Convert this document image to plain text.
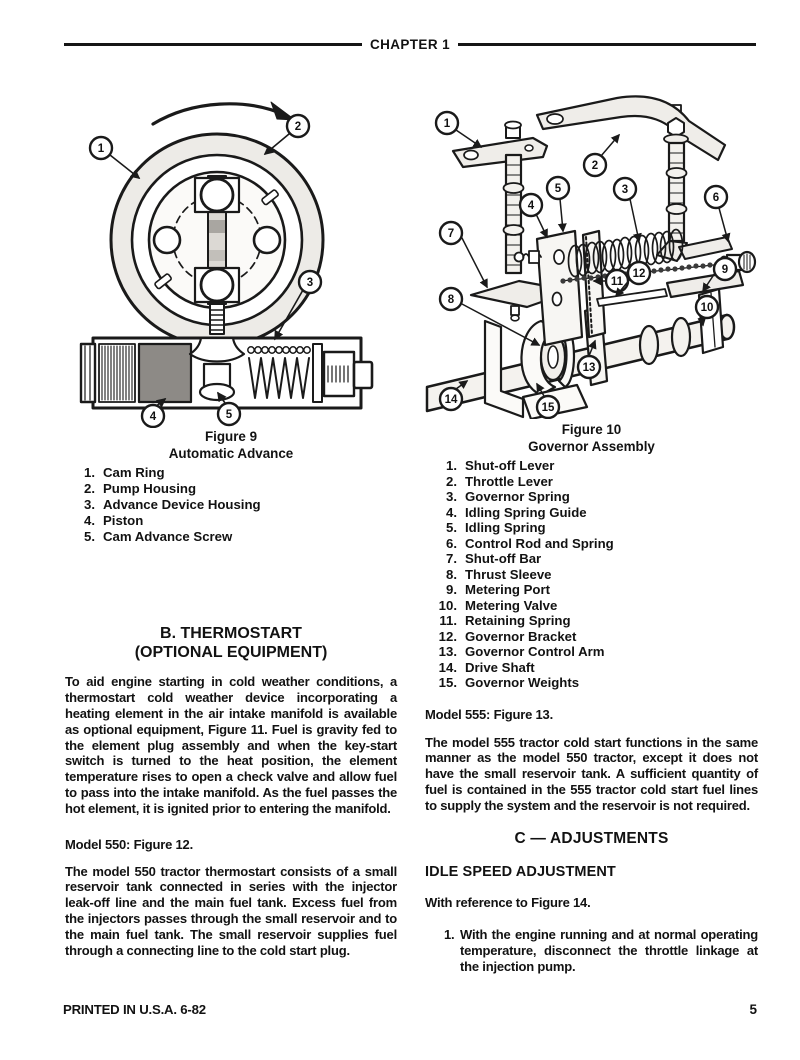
CHAPTER 1
1
2
3
4	5
Figure 9
Automatic Advance
1. Cam Ring
2. Pump Housing
3. Advance Device Housing
4. Piston
5. Cam Advance Screw
B. THERMOSTART
(OPTIONAL EQUIPMENT)

To aid engine starting in cold weather conditions, a thermostart cold weather device incorporating a heating element in the air intake manifold is available as optional equipment, Figure 11. Fuel is gravity fed to the element plug assembly and when the key-start switch is turned to the heat position, the element temperature rises to open a check valve and allow fuel to pass into the intake manifold. As the fuel passes the hot element, it is ignited prior to entering the manifold.

Model 550: Figure 12.

The model 550 tractor thermostart consists of a small reservoir tank connected in series with the injector leak-off line and the main fuel tank. Excess fuel from the injectors passes through the small reservoir and to the main fuel tank. The small reservoir supplies fuel through a connecting line to the cold start plug.

1
2
3
4
5
6
7
8
9
10
11
12
13
14
15
Figure 10
Governor Assembly
1. Shut-off Lever
2. Throttle Lever
3. Governor Spring
4. Idling Spring Guide
5. Idling Spring
6. Control Rod and Spring
7. Shut-off Bar
8. Thrust Sleeve
9. Metering Port
10. Metering Valve
11. Retaining Spring
12. Governor Bracket
13. Governor Control Arm
14. Drive Shaft
15. Governor Weights

Model 555: Figure 13.

The model 555 tractor cold start functions in the same manner as the model 550 tractor, except it does not have the small reservoir tank. A sufficient quantity of fuel is contained in the 555 tractor cold start fuel lines to supply the system and the reservoir is not required.

C — ADJUSTMENTS
IDLE SPEED ADJUSTMENT

With reference to Figure 14.

1. With the engine running and at normal operating temperature, disconnect the throttle linkage at the injection pump.
PRINTED IN U.S.A. 6-82	5
